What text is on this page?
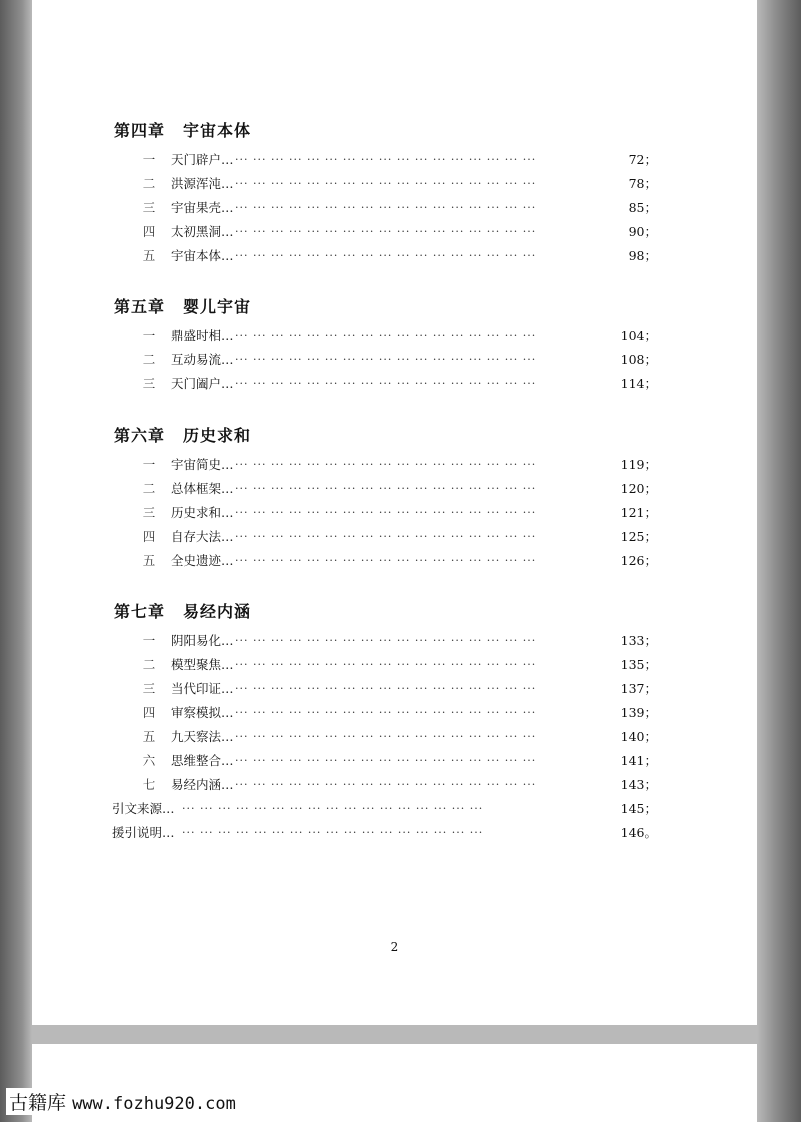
第四章 宇宙本体
一 天门辟户… ··· ··· ··· ··· ··· ··· ··· ··· ··· ··· ··· ··· ··· ··· ··· ··· ···	72；
二 洪源浑沌… ··· ··· ··· ··· ··· ··· ··· ··· ··· ··· ··· ··· ··· ··· ··· ··· ···	78；
三 宇宙果壳… ··· ··· ··· ··· ··· ··· ··· ··· ··· ··· ··· ··· ··· ··· ··· ··· ···	85；
四 太初黑洞… ··· ··· ··· ··· ··· ··· ··· ··· ··· ··· ··· ··· ··· ··· ··· ··· ···	90；
五 宇宙本体… ··· ··· ··· ··· ··· ··· ··· ··· ··· ··· ··· ··· ··· ··· ··· ··· ···	98；
第五章 婴儿宇宙
一 鼎盛时相… ··· ··· ··· ··· ··· ··· ··· ··· ··· ··· ··· ··· ··· ··· ··· ··· ···	104；
二 互动易流… ··· ··· ··· ··· ··· ··· ··· ··· ··· ··· ··· ··· ··· ··· ··· ··· ···	108；
三 天门阖户… ··· ··· ··· ··· ··· ··· ··· ··· ··· ··· ··· ··· ··· ··· ··· ··· ···	114；
第六章 历史求和
一 宇宙简史… ··· ··· ··· ··· ··· ··· ··· ··· ··· ··· ··· ··· ··· ··· ··· ··· ···	119；
二 总体框架… ··· ··· ··· ··· ··· ··· ··· ··· ··· ··· ··· ··· ··· ··· ··· ··· ···	120；
三 历史求和… ··· ··· ··· ··· ··· ··· ··· ··· ··· ··· ··· ··· ··· ··· ··· ··· ···	121；
四 自存大法… ··· ··· ··· ··· ··· ··· ··· ··· ··· ··· ··· ··· ··· ··· ··· ··· ···	125；
五 全史遗迹… ··· ··· ··· ··· ··· ··· ··· ··· ··· ··· ··· ··· ··· ··· ··· ··· ···	126；
第七章 易经内涵
一 阴阳易化… ··· ··· ··· ··· ··· ··· ··· ··· ··· ··· ··· ··· ··· ··· ··· ··· ···	133；
二 模型聚焦… ··· ··· ··· ··· ··· ··· ··· ··· ··· ··· ··· ··· ··· ··· ··· ··· ···	135；
三 当代印证… ··· ··· ··· ··· ··· ··· ··· ··· ··· ··· ··· ··· ··· ··· ··· ··· ···	137；
四 审察模拟… ··· ··· ··· ··· ··· ··· ··· ··· ··· ··· ··· ··· ··· ··· ··· ··· ···	139；
五 九天察法… ··· ··· ··· ··· ··· ··· ··· ··· ··· ··· ··· ··· ··· ··· ··· ··· ···	140；
六 思维整合… ··· ··· ··· ··· ··· ··· ··· ··· ··· ··· ··· ··· ··· ··· ··· ··· ···	141；
七 易经内涵… ··· ··· ··· ··· ··· ··· ··· ··· ··· ··· ··· ··· ··· ··· ··· ··· ···	143；
引文来源… ··· ··· ··· ··· ··· ··· ··· ··· ··· ··· ··· ··· ··· ··· ··· ··· ···	145；
援引说明… ··· ··· ··· ··· ··· ··· ··· ··· ··· ··· ··· ··· ··· ··· ··· ··· ···	146。
2
古籍库 www.fozhu920.com
